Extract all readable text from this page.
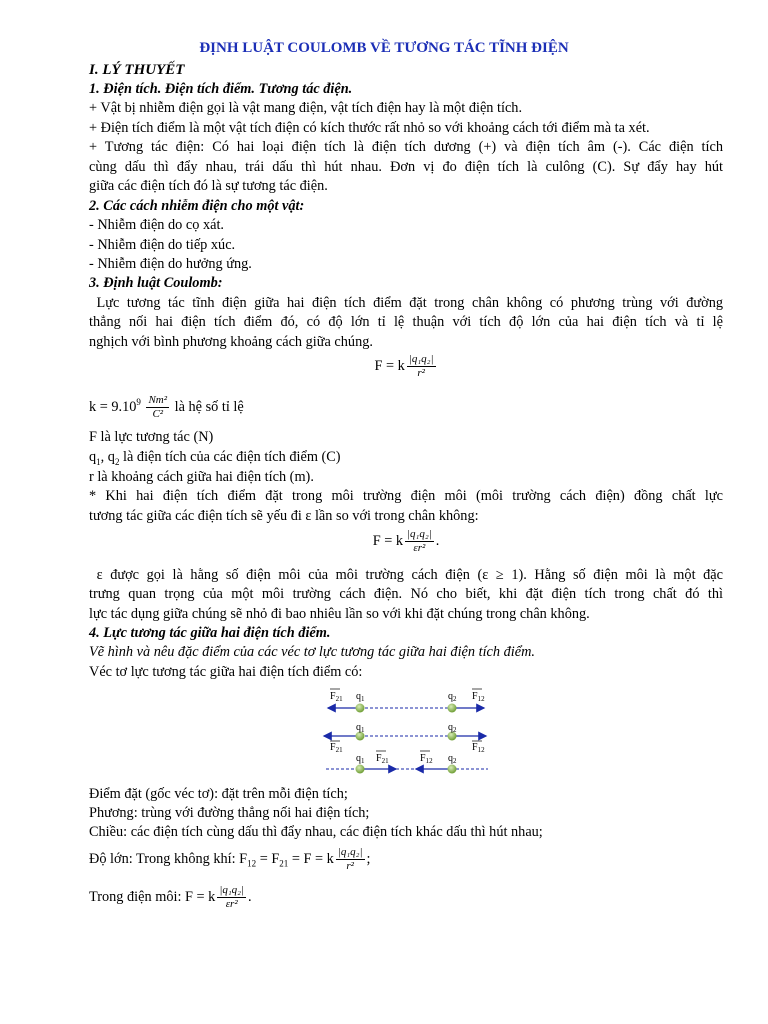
ĐỊNH LUẬT COULOMB VỀ TƯƠNG TÁC TĨNH ĐIỆN
I. LÝ THUYẾT
1. Điện tích. Điện tích điểm. Tương tác điện.
+ Vật bị nhiễm điện gọi là vật mang điện, vật tích điện hay là một điện tích.
+ Điện tích điểm là một vật tích điện có kích thước rất nhỏ so với khoảng cách tới điểm mà ta xét.
+ Tương tác điện: Có hai loại điện tích là điện tích dương (+) và điện tích âm (-). Các điện tích
cùng dấu thì đẩy nhau, trái dấu thì hút nhau. Đơn vị đo điện tích là culông (C). Sự đẩy hay hút
giữa các điện tích đó là sự tương tác điện.
2. Các cách nhiễm điện cho một vật:
- Nhiễm điện do cọ xát.
- Nhiễm điện do tiếp xúc.
- Nhiễm điện do hưởng ứng.
3. Định luật Coulomb:
Lực tương tác tĩnh điện giữa hai điện tích điểm đặt trong chân không có phương trùng với đường
thẳng nối hai điện tích điểm đó, có độ lớn tỉ lệ thuận với tích độ lớn của hai điện tích và tỉ lệ
nghịch với bình phương khoảng cách giữa chúng.
F = k $\frac{\text{|q₁q₂|}}{\text{r²}}$
$k = 9.10^9 \frac{\text{Nm²}}{\text{C²}}$ là hệ số tỉ lệ
F là lực tương tác (N)
$q_1$, $q_2$ là điện tích của các điện tích điểm (C)
r là khoảng cách giữa hai điện tích (m).
* Khi hai điện tích điểm đặt trong môi trường điện môi (môi trường cách điện) đồng chất lực
tương tác giữa các điện tích sẽ yếu đi ε lần so với trong chân không:
F = k $\frac{\text{|q₁q₂|}}{\text{εr²}}$ .
ε được gọi là hằng số điện môi của môi trường cách điện (ε ≥ 1). Hằng số điện môi là một đặc
trưng quan trọng của một môi trường cách điện. Nó cho biết, khi đặt điện tích trong chất đó thì
lực tác dụng giữa chúng sẽ nhỏ đi bao nhiêu lần so với khi đặt chúng trong chân không.
4. Lực tương tác giữa hai điện tích điểm.
Vẽ hình và nêu đặc điểm của các véc tơ lực tương tác giữa hai điện tích điểm.
Véc tơ lực tương tác giữa hai điện tích điểm có:
$F_{21}$ $q_1$	$q_2$ $F_{12}$
$q_1$	$q_2$
$F_{21}$	$F_{12}$
$q_1$	$q_2$
$F_{21}$	$F_{12}$
Điểm đặt (gốc véc tơ): đặt trên mỗi điện tích;
Phương: trùng với đường thẳng nối hai điện tích;
Chiều: các điện tích cùng dấu thì đẩy nhau, các điện tích khác dấu thì hút nhau;
Độ lớn: Trong không khí: $F_{12} = F_{21} = F = k \frac{\text{|q₁q₂|}}{\text{r²}}$ ;
Trong điện môi: F = k $\frac{\text{|q₁q₂|}}{\text{εr²}}$ .
